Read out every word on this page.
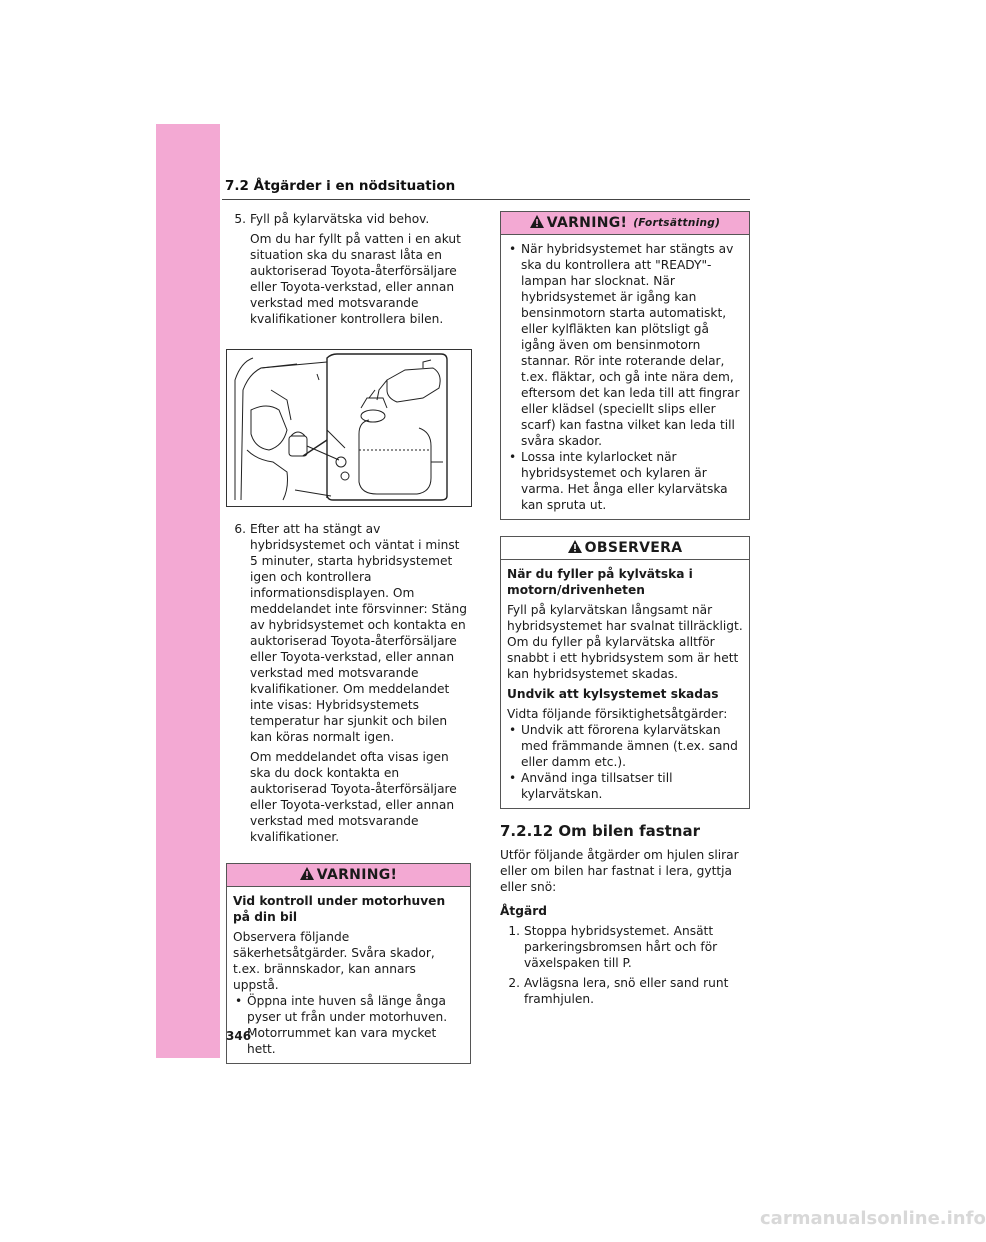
7.2 Åtgärder i en nödsituation
5. Fyll på kylarvätska vid behov.

Om du har fyllt på vatten i en akut situation ska du snarast låta en auktoriserad Toyota-återförsäljare eller Toyota-verkstad, eller annan verkstad med motsvarande kvalifikationer kontrollera bilen.

6. Efter att ha stängt av hybridsystemet och väntat i minst 5 minuter, starta hybridsystemet igen och kontrollera informationsdisplayen. Om meddelandet inte försvinner: Stäng av hybridsystemet och kontakta en auktoriserad Toyota-återförsäljare eller Toyota-verkstad, eller annan verkstad med motsvarande kvalifikationer. Om meddelandet inte visas: Hybridsystemets temperatur har sjunkit och bilen kan köras normalt igen.

Om meddelandet ofta visas igen ska du dock kontakta en auktoriserad Toyota-återförsäljare eller Toyota-verkstad, eller annan verkstad med motsvarande kvalifikationer.

VARNING!

Vid kontroll under motorhuven på din bil

Observera följande säkerhetsåtgärder. Svåra skador, t.ex. brännskador, kan annars uppstå.

• Öppna inte huven så länge ånga pyser ut från under motorhuven. Motorrummet kan vara mycket hett.
VARNING! (Fortsättning)
• När hybridsystemet har stängts av ska du kontrollera att "READY"-lampan har slocknat. När hybridsystemet är igång kan bensinmotorn starta automatiskt, eller kylfläkten kan plötsligt gå igång även om bensinmotorn stannar. Rör inte roterande delar, t.ex. fläktar, och gå inte nära dem, eftersom det kan leda till att fingrar eller klädsel (speciellt slips eller scarf) kan fastna vilket kan leda till svåra skador.
• Lossa inte kylarlocket när hybridsystemet och kylaren är varma. Het ånga eller kylarvätska kan spruta ut.
OBSERVERA

När du fyller på kylvätska i motorn/drivenheten

Fyll på kylarvätskan långsamt när hybridsystemet har svalnat tillräckligt. Om du fyller på kylarvätska alltför snabbt i ett hybridsystem som är hett kan hybridsystemet skadas.

Undvik att kylsystemet skadas

Vidta följande försiktighetsåtgärder:

• Undvik att förorena kylarvätskan med främmande ämnen (t.ex. sand eller damm etc.).
• Använd inga tillsatser till kylarvätskan.
7.2.12 Om bilen fastnar

Utför följande åtgärder om hjulen slirar eller om bilen har fastnat i lera, gyttja eller snö:

Åtgärd

1. Stoppa hybridsystemet. Ansätt parkeringsbromsen hårt och för växelspaken till P.
2. Avlägsna lera, snö eller sand runt framhjulen.
346
carmanualsonline.info
